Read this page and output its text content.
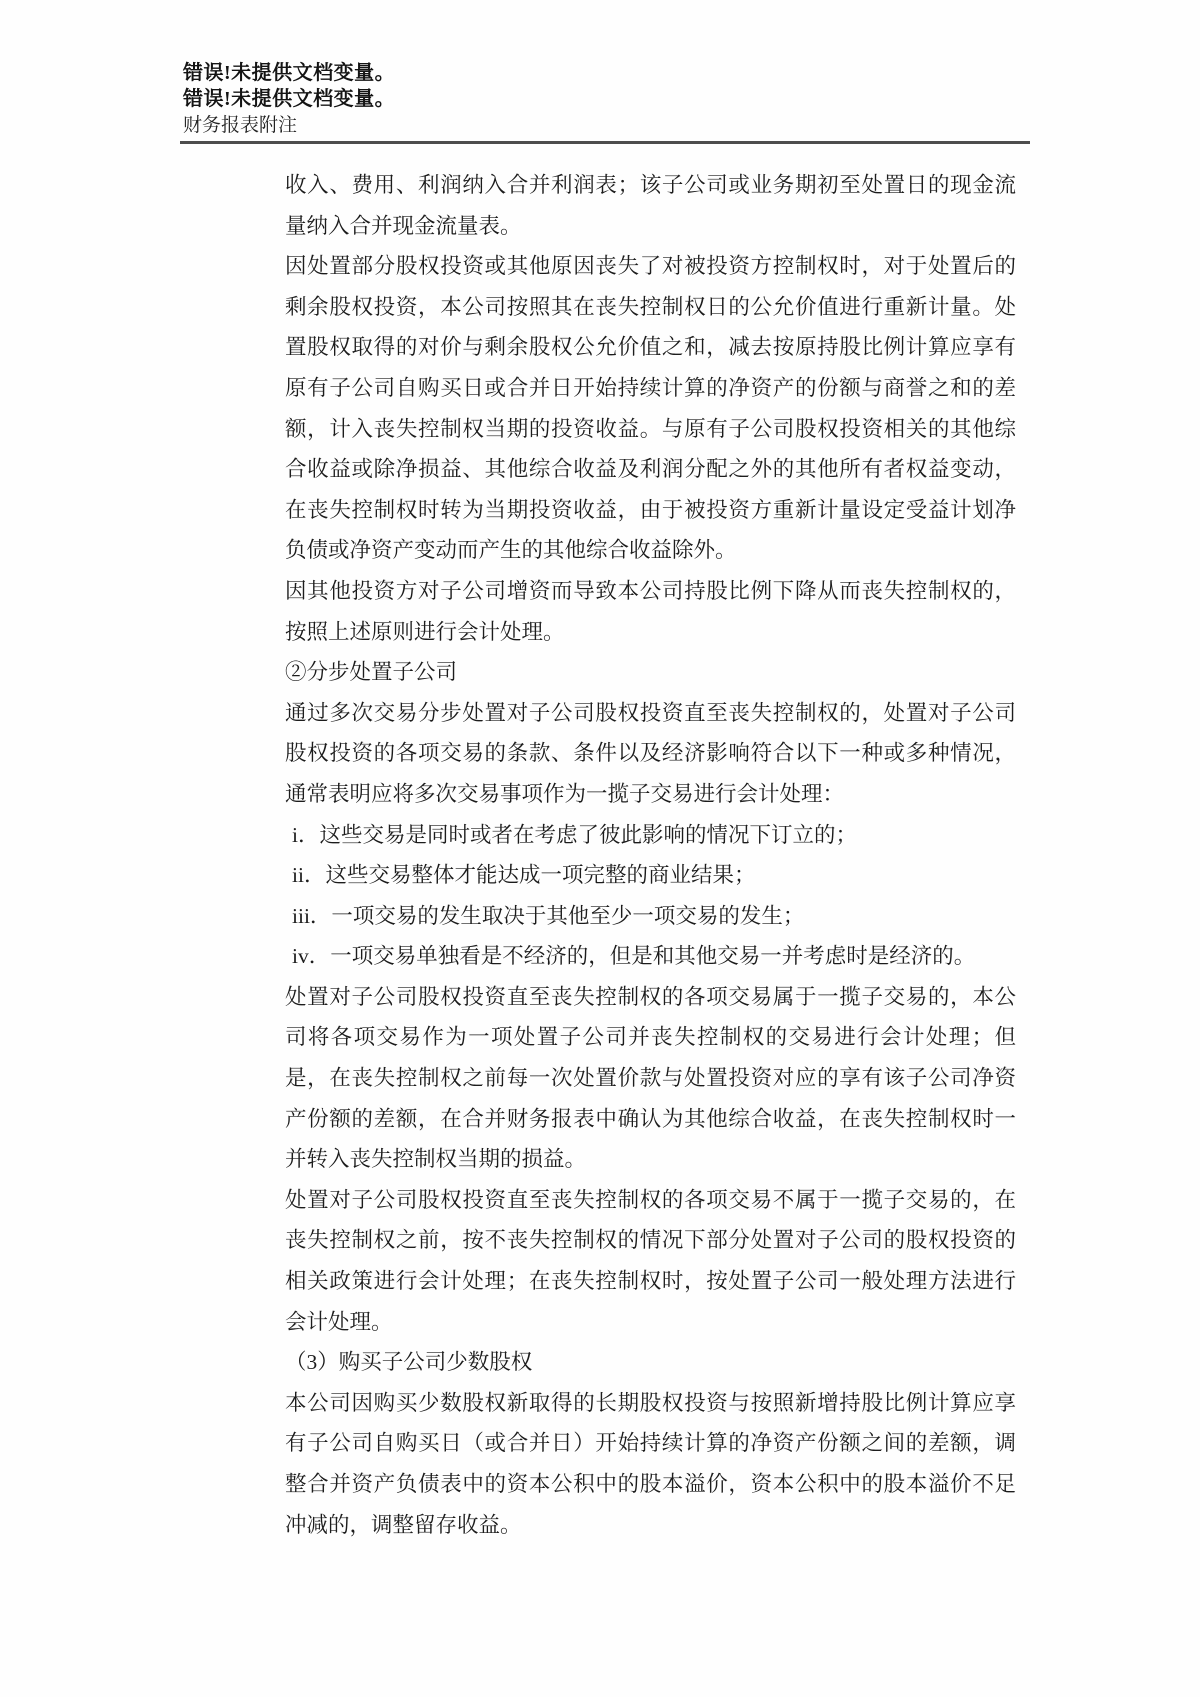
错误!未提供文档变量。
错误!未提供文档变量。
财务报表附注
收入、费用、利润纳入合并利润表；该子公司或业务期初至处置日的现金流
量纳入合并现金流量表。
因处置部分股权投资或其他原因丧失了对被投资方控制权时，对于处置后的
剩余股权投资，本公司按照其在丧失控制权日的公允价值进行重新计量。处
置股权取得的对价与剩余股权公允价值之和，减去按原持股比例计算应享有
原有子公司自购买日或合并日开始持续计算的净资产的份额与商誉之和的差
额，计入丧失控制权当期的投资收益。与原有子公司股权投资相关的其他综
合收益或除净损益、其他综合收益及利润分配之外的其他所有者权益变动，
在丧失控制权时转为当期投资收益，由于被投资方重新计量设定受益计划净
负债或净资产变动而产生的其他综合收益除外。
因其他投资方对子公司增资而导致本公司持股比例下降从而丧失控制权的，
按照上述原则进行会计处理。
②分步处置子公司
通过多次交易分步处置对子公司股权投资直至丧失控制权的，处置对子公司
股权投资的各项交易的条款、条件以及经济影响符合以下一种或多种情况，
通常表明应将多次交易事项作为一揽子交易进行会计处理：
i．这些交易是同时或者在考虑了彼此影响的情况下订立的；
ii．这些交易整体才能达成一项完整的商业结果；
iii．一项交易的发生取决于其他至少一项交易的发生；
iv．一项交易单独看是不经济的，但是和其他交易一并考虑时是经济的。
处置对子公司股权投资直至丧失控制权的各项交易属于一揽子交易的，本公
司将各项交易作为一项处置子公司并丧失控制权的交易进行会计处理；但
是，在丧失控制权之前每一次处置价款与处置投资对应的享有该子公司净资
产份额的差额，在合并财务报表中确认为其他综合收益，在丧失控制权时一
并转入丧失控制权当期的损益。
处置对子公司股权投资直至丧失控制权的各项交易不属于一揽子交易的，在
丧失控制权之前，按不丧失控制权的情况下部分处置对子公司的股权投资的
相关政策进行会计处理；在丧失控制权时，按处置子公司一般处理方法进行
会计处理。
（3）购买子公司少数股权
本公司因购买少数股权新取得的长期股权投资与按照新增持股比例计算应享
有子公司自购买日（或合并日）开始持续计算的净资产份额之间的差额，调
整合并资产负债表中的资本公积中的股本溢价，资本公积中的股本溢价不足
冲减的，调整留存收益。
